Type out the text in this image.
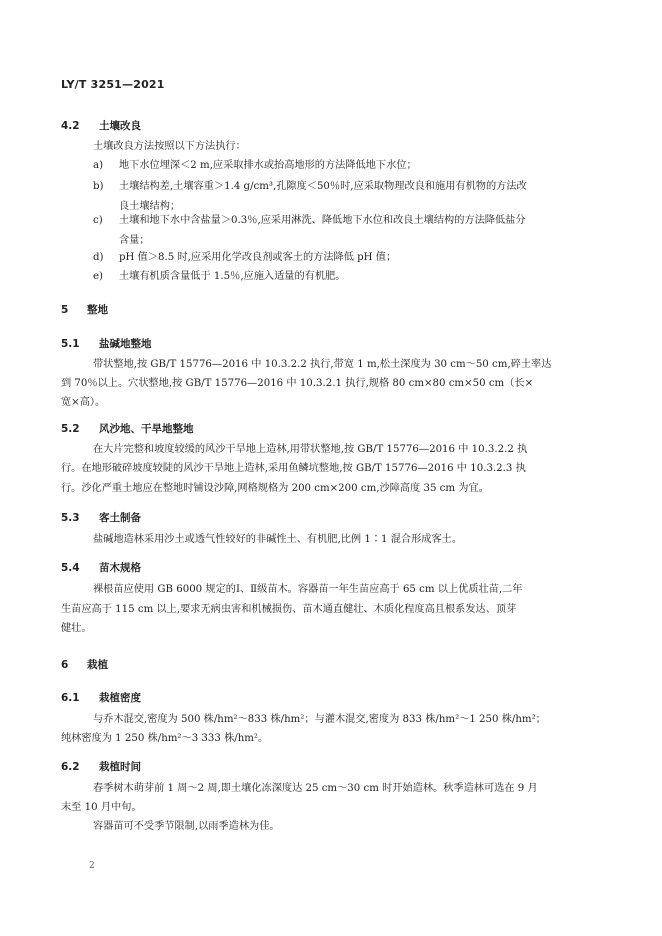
LY/T 3251—2021
4.2 土壤改良
土壤改良方法按照以下方法执行：
a) 地下水位埋深＜2 m,应采取排水或抬高地形的方法降低地下水位；
b) 土壤结构差,土壤容重＞1.4 g/cm³,孔隙度＜50％时,应采取物理改良和施用有机物的方法改
良土壤结构；
c) 土壤和地下水中含盐量＞0.3％,应采用淋洗、降低地下水位和改良土壤结构的方法降低盐分
含量；
d) pH 值＞8.5 时,应采用化学改良剂或客土的方法降低 pH 值；
e) 土壤有机质含量低于 1.5％,应施入适量的有机肥。
5 整地
5.1 盐碱地整地
带状整地,按 GB/T 15776—2016 中 10.3.2.2 执行,带宽 1 m,松土深度为 30 cm～50 cm,碎土率达
到 70％以上。穴状整地,按 GB/T 15776—2016 中 10.3.2.1 执行,规格 80 cm×80 cm×50 cm（长×
宽×高）。
5.2 风沙地、干旱地整地
在大片完整和坡度较缓的风沙干旱地上造林,用带状整地,按 GB/T 15776—2016 中 10.3.2.2 执
行。在地形破碎坡度较陡的风沙干旱地上造林,采用鱼鳞坑整地,按 GB/T 15776—2016 中 10.3.2.3 执
行。沙化严重土地应在整地时铺设沙障,网格规格为 200 cm×200 cm,沙障高度 35 cm 为宜。
5.3 客土制备
盐碱地造林采用沙土或透气性较好的非碱性土、有机肥,比例 1∶1 混合形成客土。
5.4 苗木规格
裸根苗应使用 GB 6000 规定的Ⅰ、Ⅱ级苗木。容器苗一年生苗应高于 65 cm 以上优质壮苗,二年
生苗应高于 115 cm 以上,要求无病虫害和机械损伤、苗木通直健壮、木质化程度高且根系发达、顶芽
健壮。
6 栽植
6.1 栽植密度
与乔木混交,密度为 500 株/hm²～833 株/hm²；与灌木混交,密度为 833 株/hm²～1 250 株/hm²；
纯林密度为 1 250 株/hm²～3 333 株/hm²。
6.2 栽植时间
春季树木萌芽前 1 周～2 周,即土壤化冻深度达 25 cm～30 cm 时开始造林。秋季造林可选在 9 月
末至 10 月中旬。
容器苗可不受季节限制,以雨季造林为佳。
2
